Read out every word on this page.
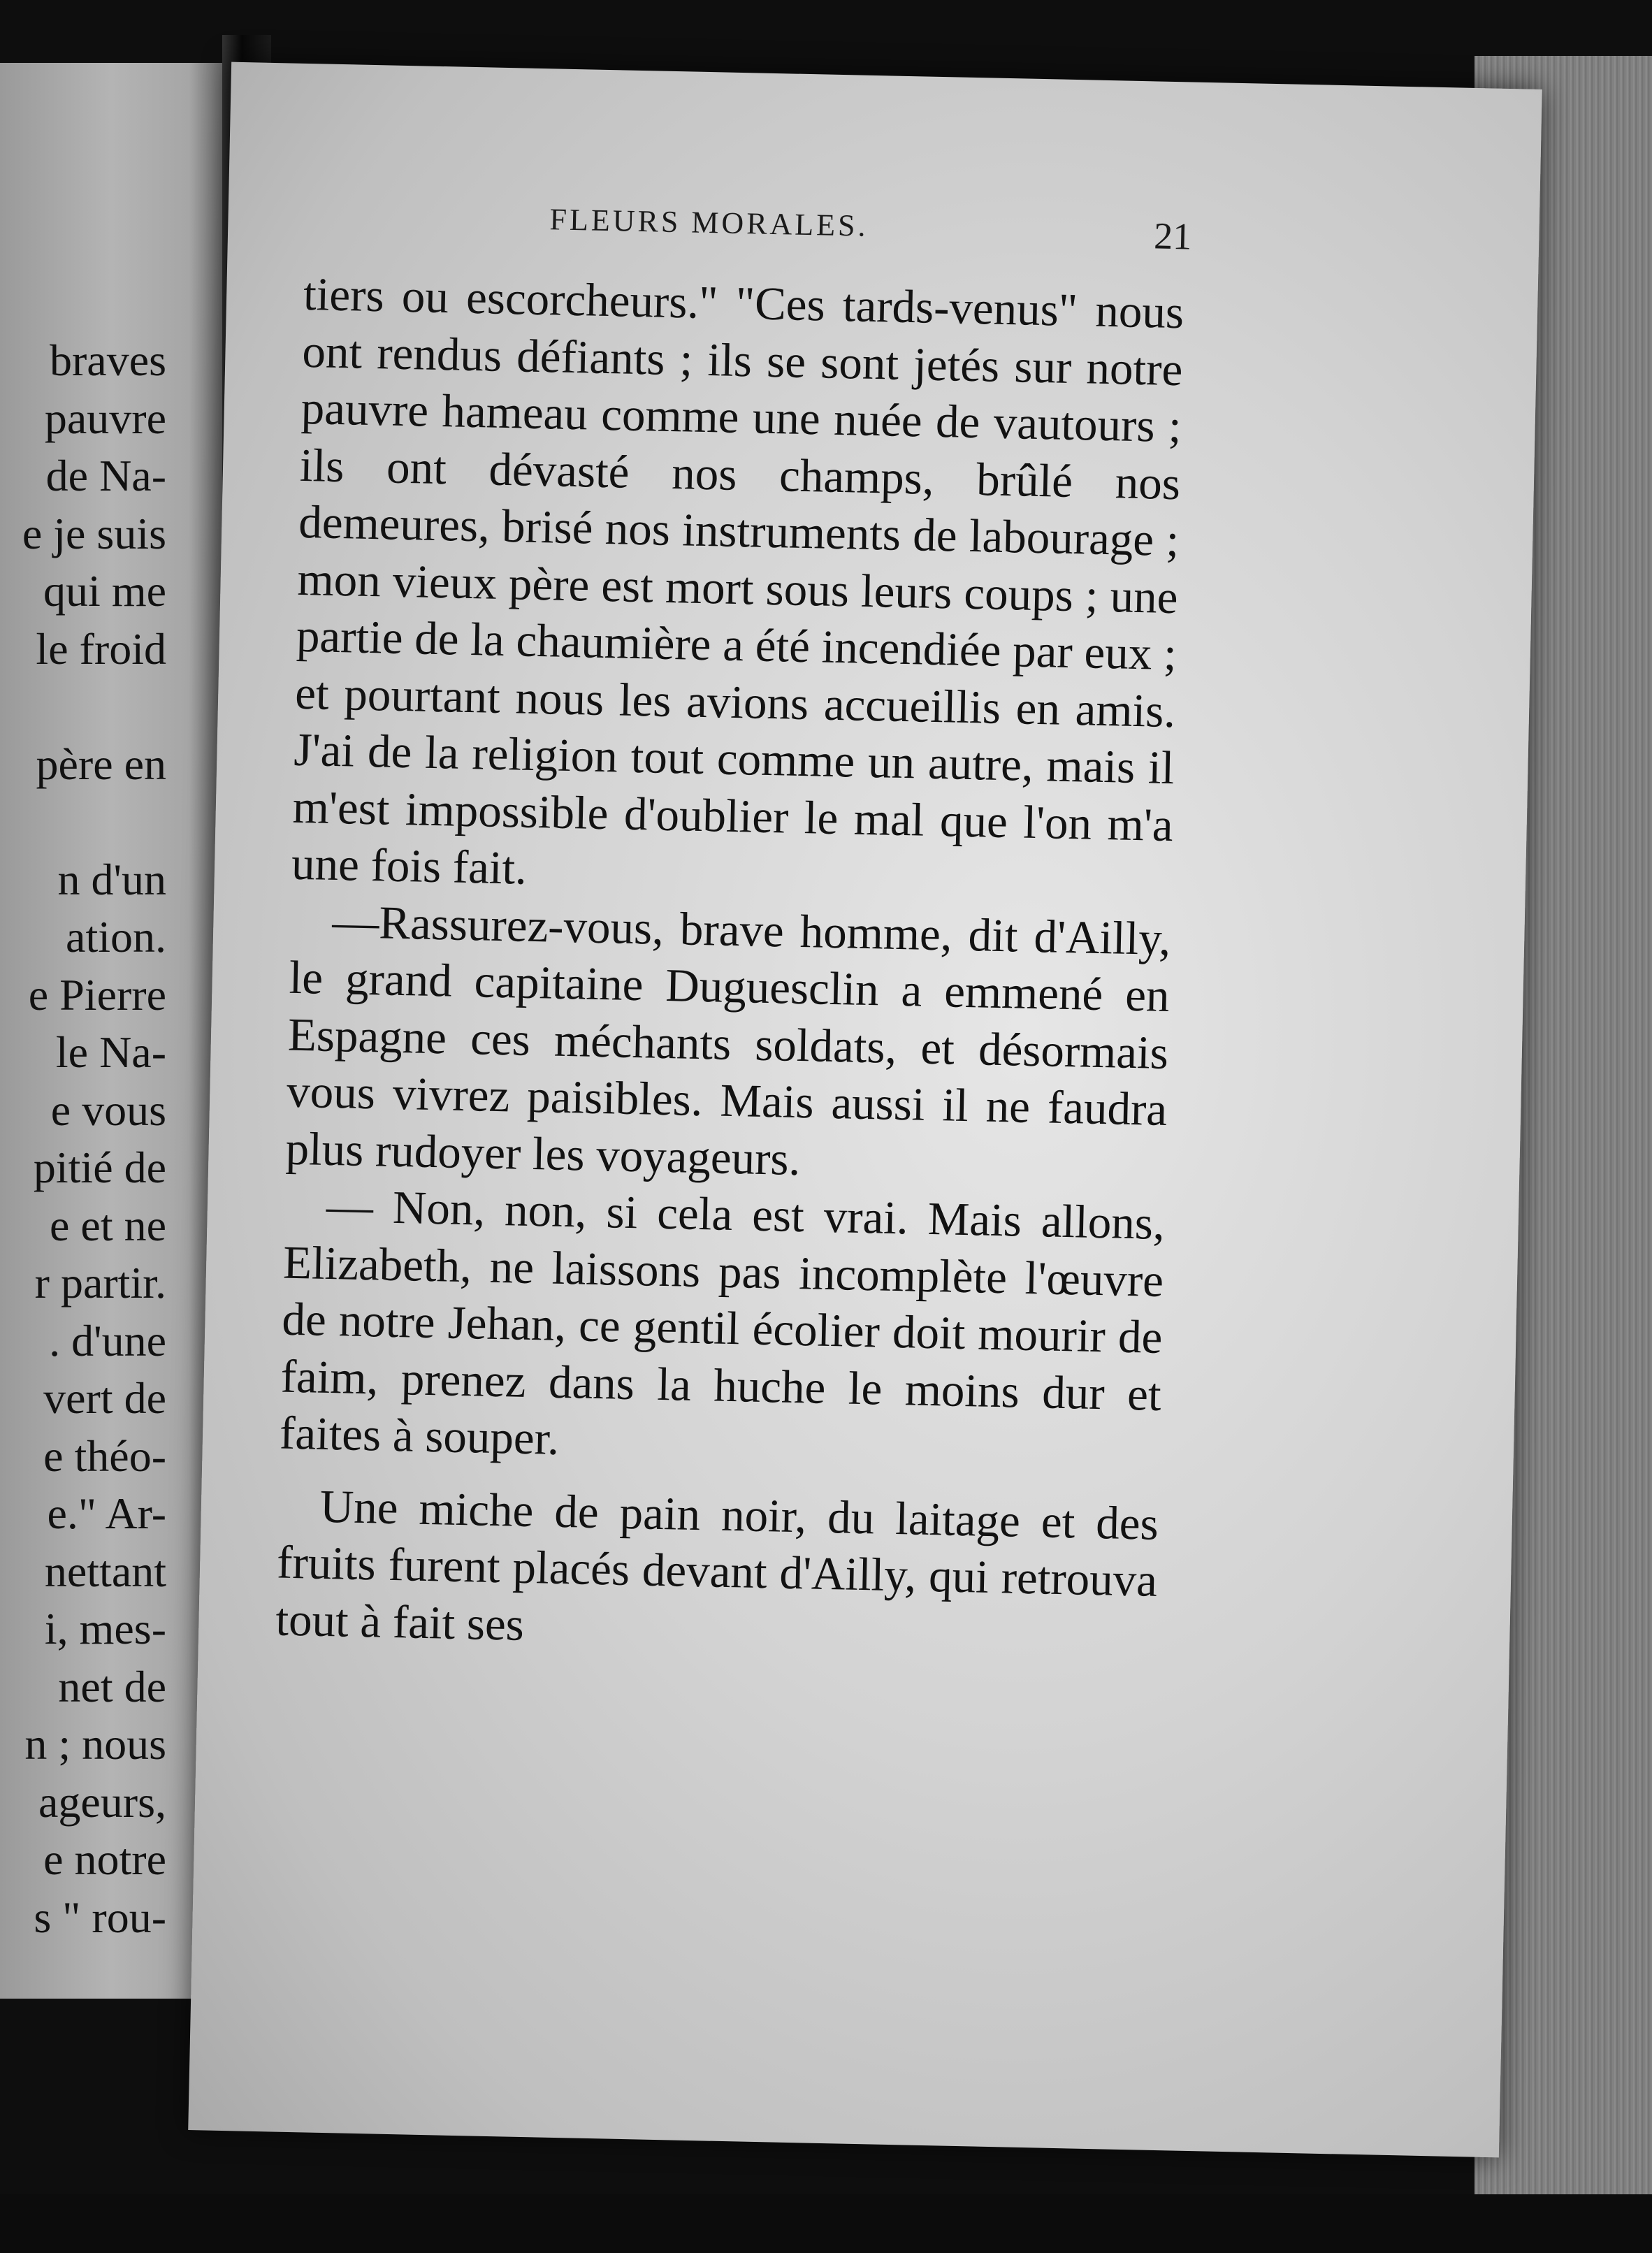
braves
pauvre
de Na-
e je suis
qui me
le froid

père en

n d'un
ation.
e Pierre
le Na-
e vous
pitié de
e et ne
r partir.
. d'une
vert de
e théo-
e." Ar-
nettant
i, mes-
net de
n ; nous
ageurs,
e notre
s " rou-
FLEURS MORALES.	21

tiers ou escorcheurs." "Ces tards-venus" nous ont rendus défiants ; ils se sont jetés sur notre pauvre hameau comme une nuée de vautours ; ils ont dévasté nos champs, brûlé nos demeures, brisé nos instruments de labourage ; mon vieux père est mort sous leurs coups ; une partie de la chaumière a été incendiée par eux ; et pourtant nous les avions accueillis en amis. J'ai de la religion tout comme un autre, mais il m'est impossible d'oublier le mal que l'on m'a une fois fait.

—Rassurez-vous, brave homme, dit d'Ailly, le grand capitaine Duguesclin a emmené en Espagne ces méchants soldats, et désormais vous vivrez paisibles. Mais aussi il ne faudra plus rudoyer les voyageurs.

— Non, non, si cela est vrai. Mais allons, Elizabeth, ne laissons pas incomplète l'œuvre de notre Jehan, ce gentil écolier doit mourir de faim, prenez dans la huche le moins dur et faites à souper.

Une miche de pain noir, du laitage et des fruits furent placés devant d'Ailly, qui retrouva tout à fait ses
